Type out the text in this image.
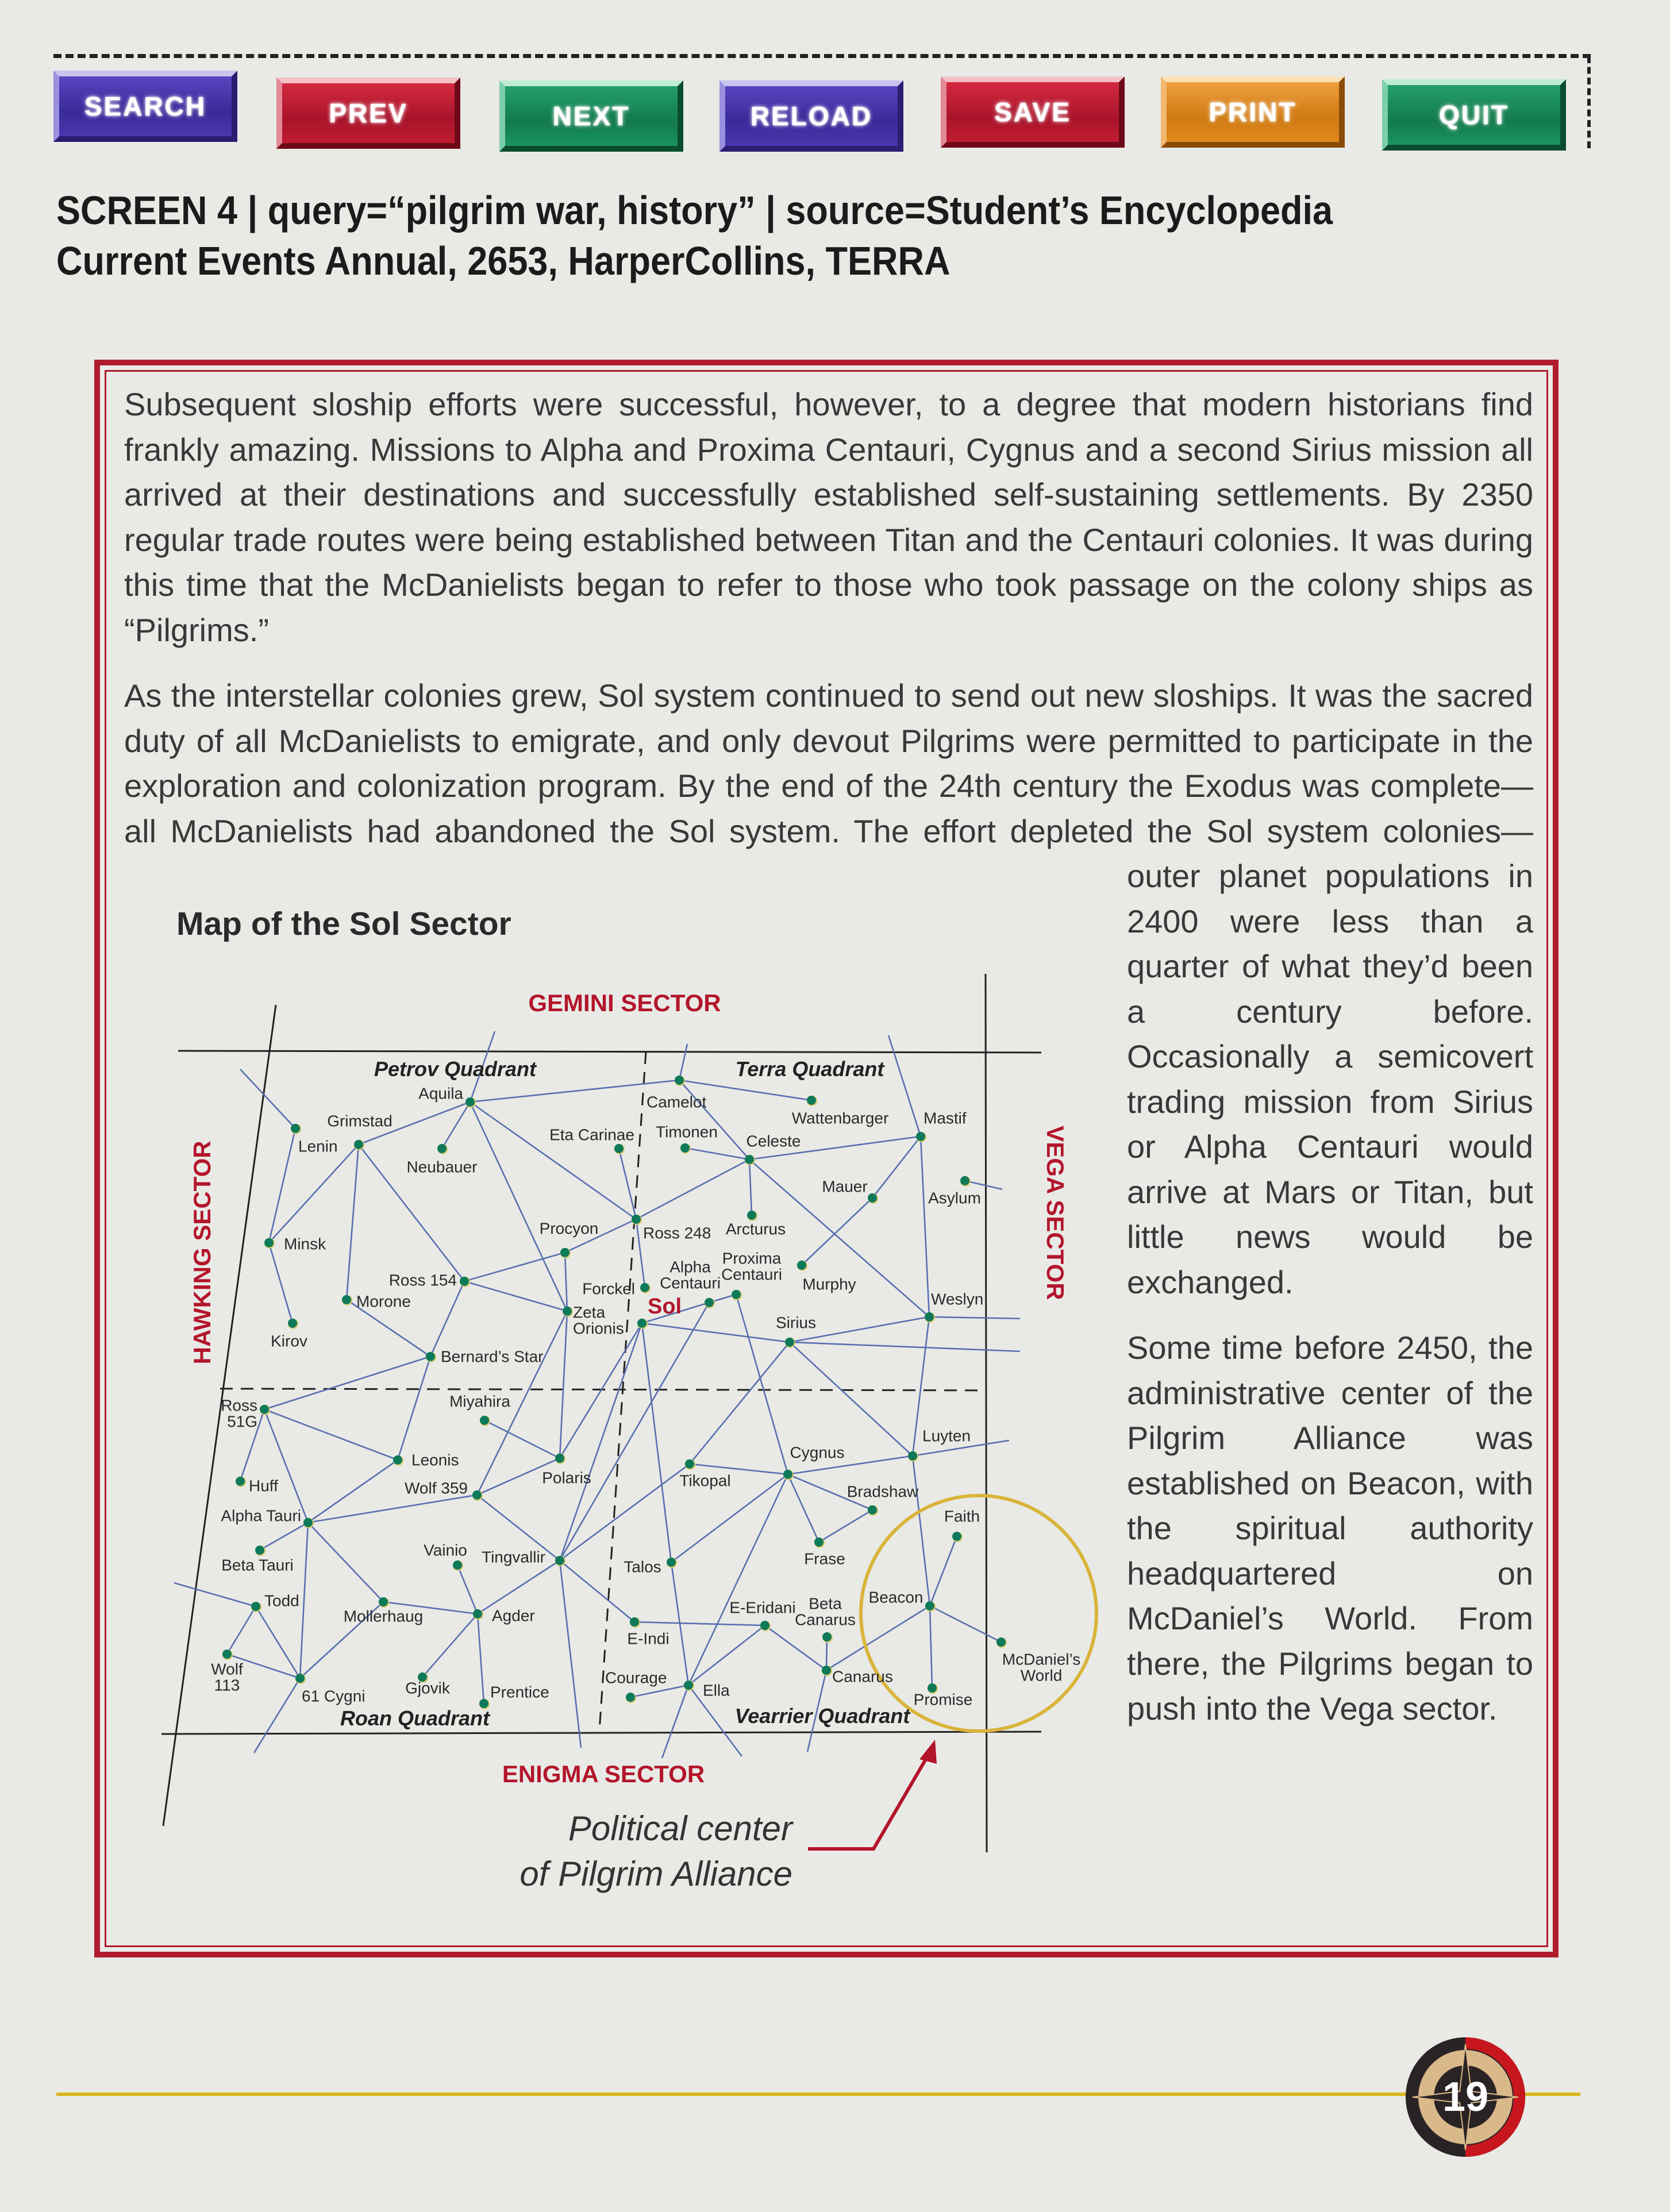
SEARCH	PREV	NEXT	RELOAD	SAVE	PRINT	QUIT
SCREEN 4 | query=“pilgrim war, history” | source=Student’s Encyclopedia
Current Events Annual, 2653, HarperCollins, TERRA

Subsequent sloship efforts were successful, however, to a degree that modern historians find frankly amazing. Missions to Alpha and Proxima Centauri, Cygnus and a second Sirius mission all arrived at their destinations and successfully established self-sustaining settlements. By 2350 regular trade routes were being established between Titan and the Centauri colonies. It was during this time that the McDanielists began to refer to those who took passage on the colony ships as “Pilgrims.”

As the interstellar colonies grew, Sol system continued to send out new sloships. It was the sacred duty of all McDanielists to emigrate, and only devout Pilgrims were permitted to participate in the exploration and colonization program. By the end of the 24th century the Exodus was complete—all McDanielists had abandoned the Sol system. The effort depleted the Sol system colonies—outer planet populations in 2400 were less than a quarter of what they’d been a century before. Occasionally a semicovert trading mission from Sirius or Alpha Centauri would arrive at Mars or Titan, but little news would be exchanged.

Some time before 2450, the administrative center of the Pilgrim Alliance was established on Beacon, with the spiritual authority headquartered on McDaniel’s World. From there, the Pilgrims began to push into the Vega sector.

Map of the Sol Sector
Lenin
Grimstad
Aquila
Neubauer
Minsk
Ross 154
Morone
Kirov
Procyon
Zeta
Orionis
Forckel
Bernard’s Star
Eta Carinae
Camelot
Wattenbarger
Timonen
Celeste
Mastif
Asylum
Mauer
Ross 248 Arcturus
Murphy
Alpha
Centauri
Proxima
Centauri
Sol	Weslyn
Sirius
Ross
51G
Miyahira
Leonis
Polaris
Huff	Wolf 359
Alpha Tauri
Beta Tauri
Vainio Tingvallir
Todd
Mollerhaug	Agder
Wolf
113
61 Cygni Gjovik	Prentice
Luyten
Cygnus
Tikopal
Bradshaw
Frase
Faith
Talos
Beacon
E-Eridani Beta
Canarus
E-Indi
McDaniel’s
World
Canarus
Ella
Courage
Promise
GEMINI SECTOR
ENIGMA SECTOR
HAWKING SECTOR	VEGA SECTOR
Petrov Quadrant	Terra Quadrant
Roan Quadrant	Vearrier Quadrant
Political center
of Pilgrim Alliance
19
